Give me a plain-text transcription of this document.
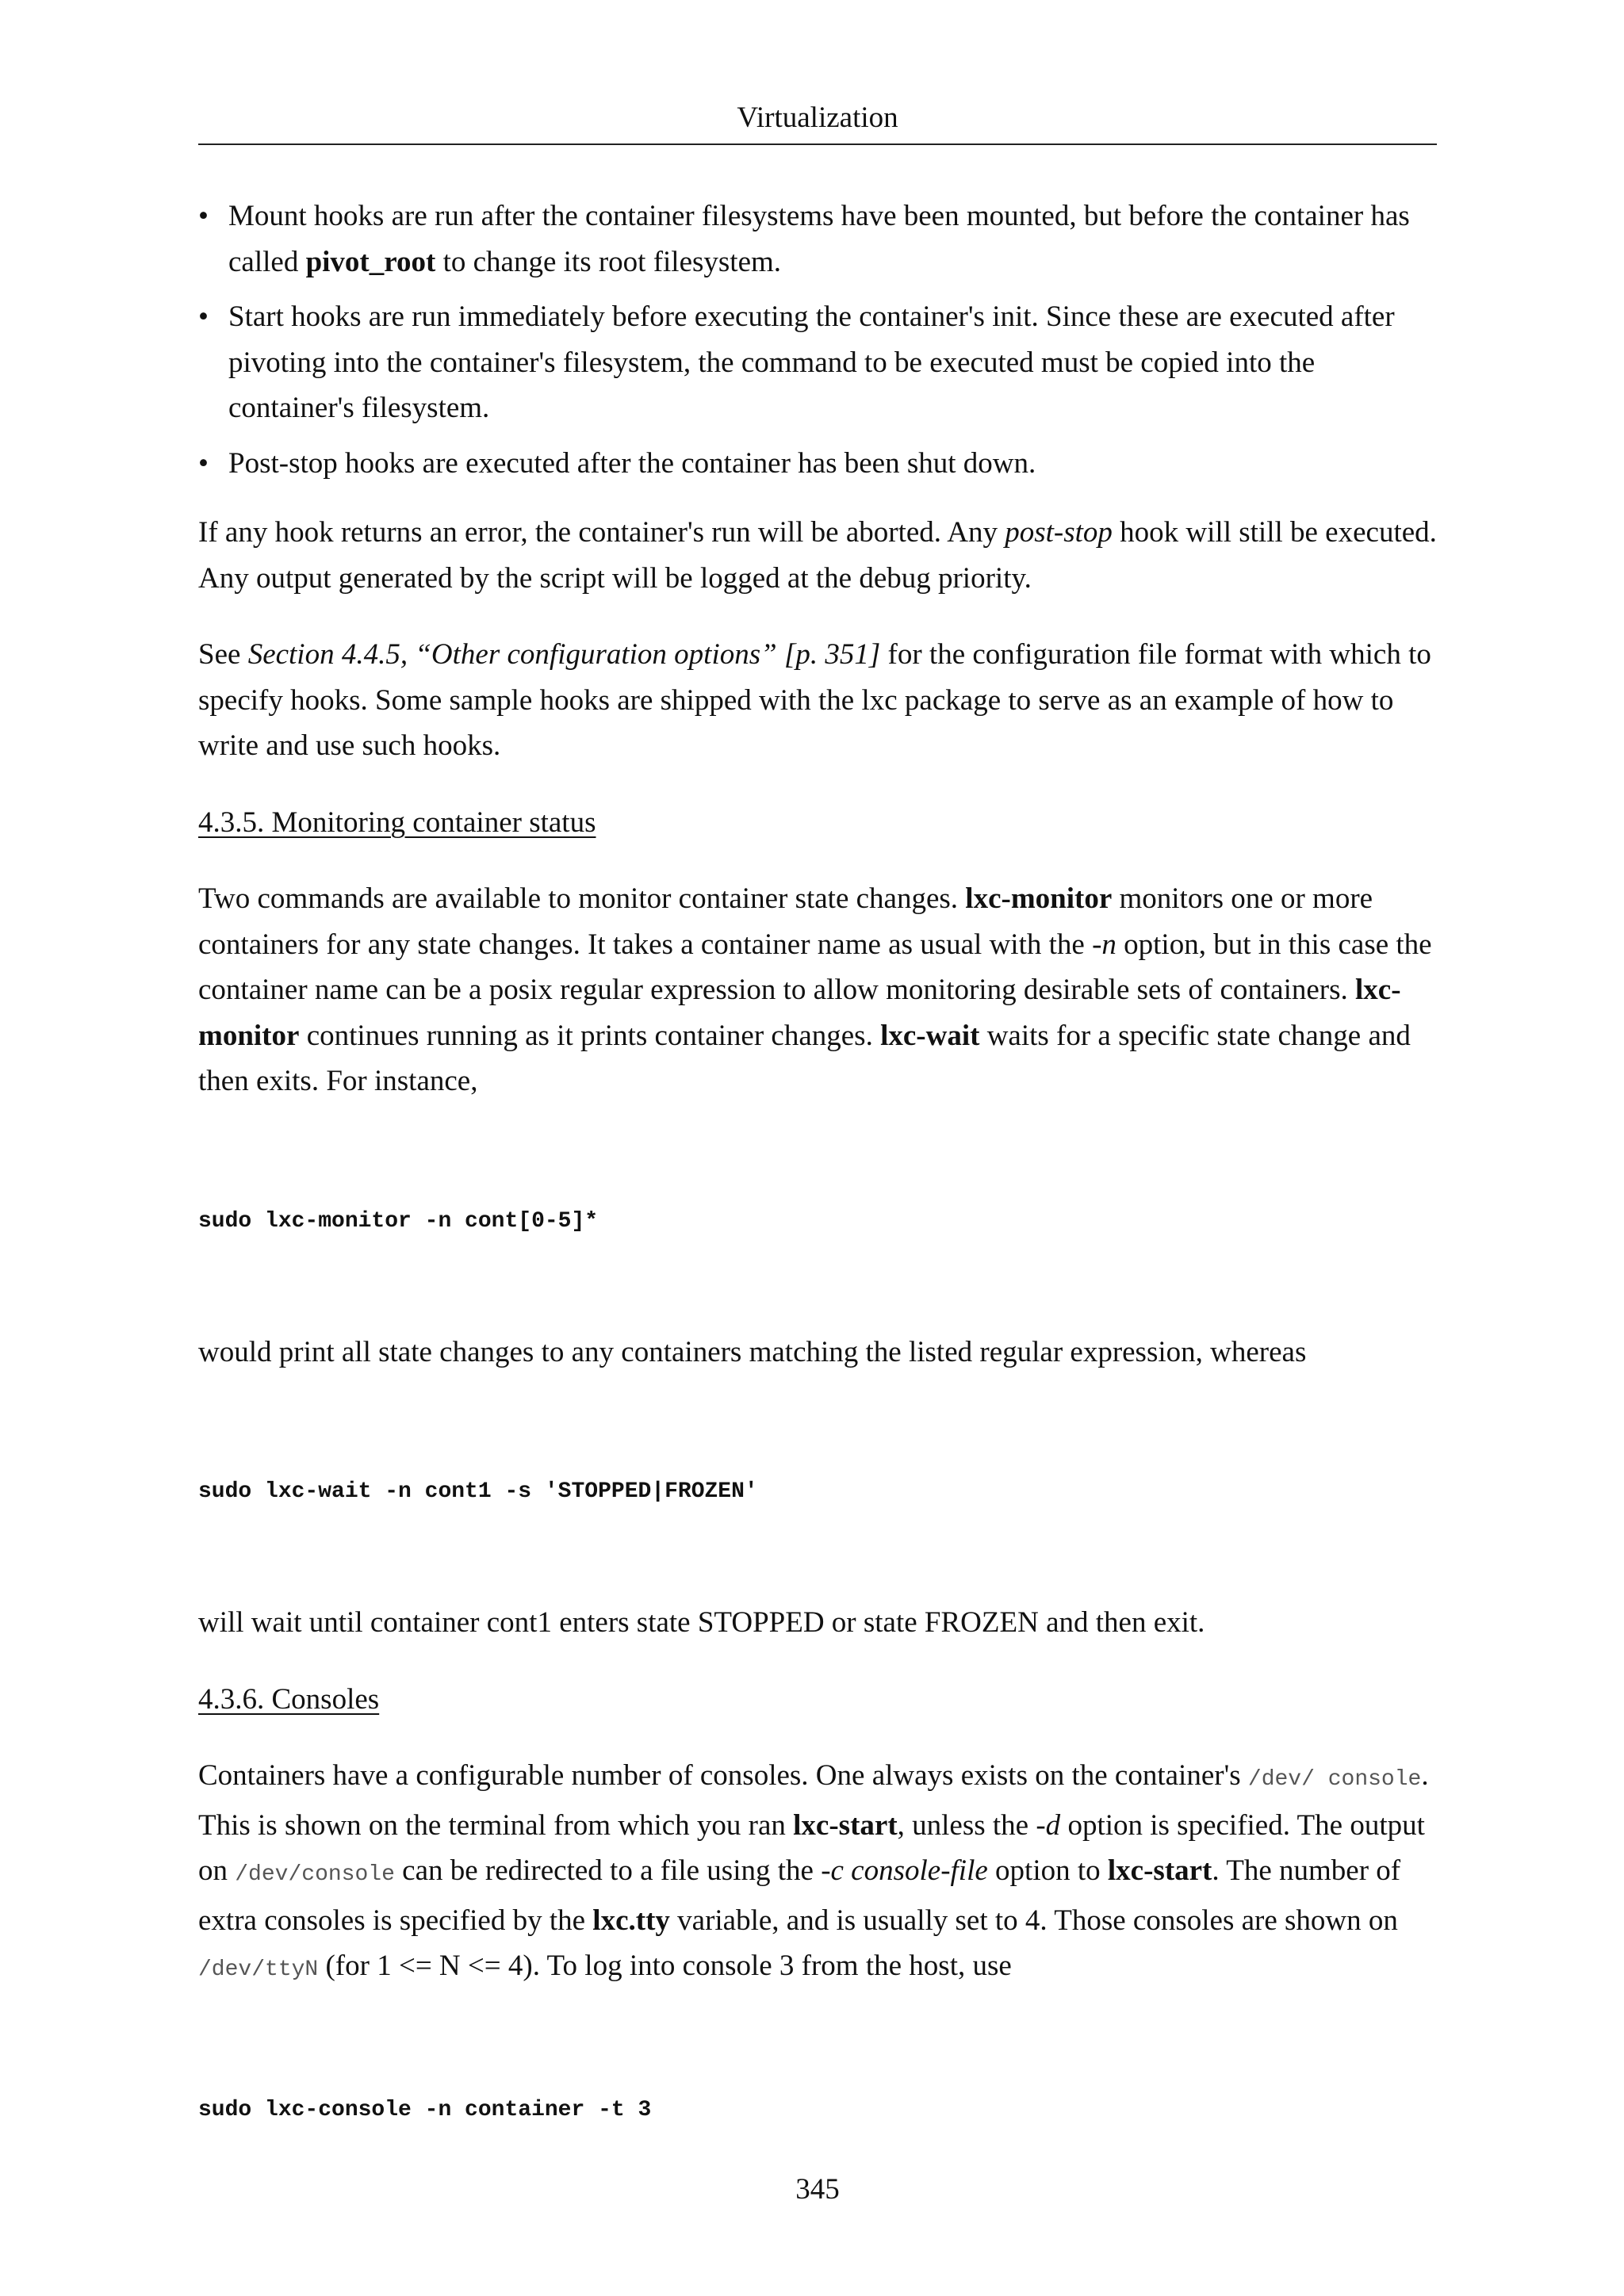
Virtualization
• Mount hooks are run after the container filesystems have been mounted, but before the container has called pivot_root to change its root filesystem.
• Start hooks are run immediately before executing the container's init. Since these are executed after pivoting into the container's filesystem, the command to be executed must be copied into the container's filesystem.
• Post-stop hooks are executed after the container has been shut down.

If any hook returns an error, the container's run will be aborted. Any post-stop hook will still be executed. Any output generated by the script will be logged at the debug priority.

See Section 4.4.5, “Other configuration options” [p. 351] for the configuration file format with which to specify hooks. Some sample hooks are shipped with the lxc package to serve as an example of how to write and use such hooks.

4.3.5. Monitoring container status

Two commands are available to monitor container state changes. lxc-monitor monitors one or more containers for any state changes. It takes a container name as usual with the -n option, but in this case the container name can be a posix regular expression to allow monitoring desirable sets of containers. lxc-monitor continues running as it prints container changes. lxc-wait waits for a specific state change and then exits. For instance,

sudo lxc-monitor -n cont[0-5]*

would print all state changes to any containers matching the listed regular expression, whereas

sudo lxc-wait -n cont1 -s 'STOPPED|FROZEN'

will wait until container cont1 enters state STOPPED or state FROZEN and then exit.

4.3.6. Consoles

Containers have a configurable number of consoles. One always exists on the container's /dev/ console. This is shown on the terminal from which you ran lxc-start, unless the -d option is specified. The output on /dev/console can be redirected to a file using the -c console-file option to lxc-start. The number of extra consoles is specified by the lxc.tty variable, and is usually set to 4. Those consoles are shown on /dev/ttyN (for 1 <= N <= 4). To log into console 3 from the host, use

sudo lxc-console -n container -t 3
345
